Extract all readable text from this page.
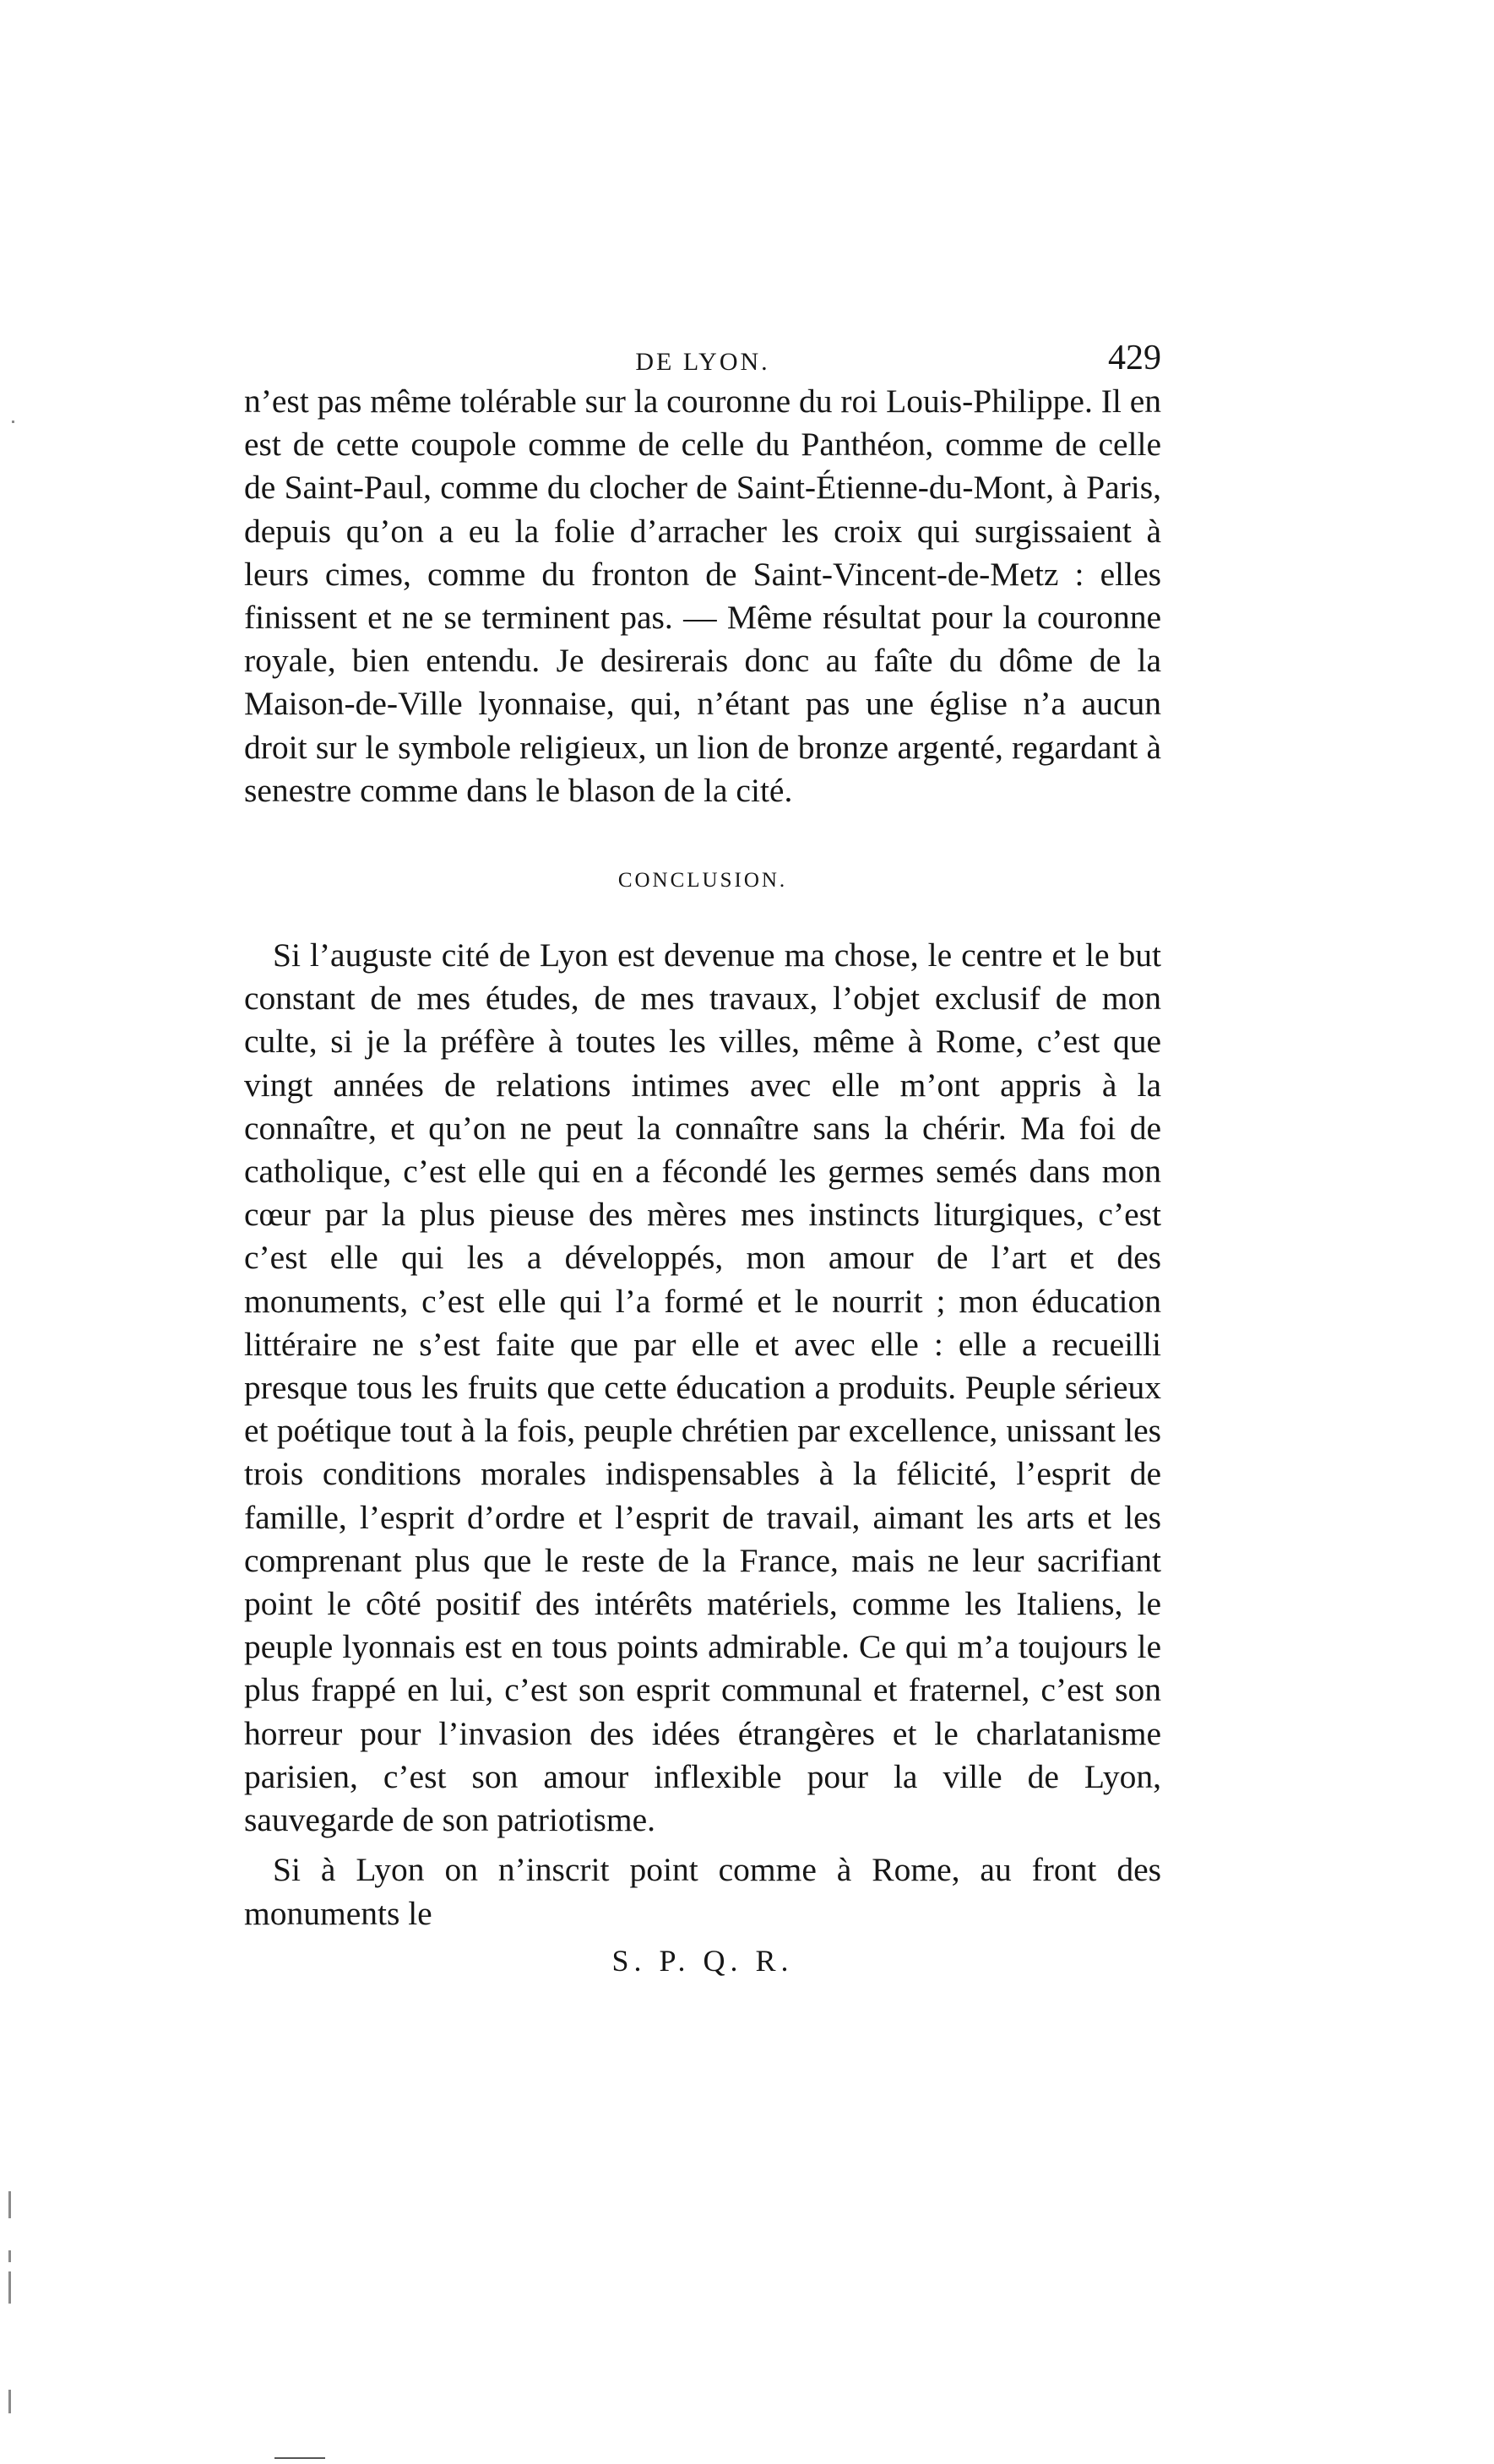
DE LYON.	429

n’est pas même tolérable sur la couronne du roi Louis-Philippe. Il en est de cette coupole comme de celle du Panthéon, comme de celle de Saint-Paul, comme du clocher de Saint-Étienne-du-Mont, à Paris, depuis qu’on a eu la folie d’arracher les croix qui surgissaient à leurs cimes, comme du fronton de Saint-Vincent-de-Metz : elles finissent et ne se terminent pas. — Même résultat pour la couronne royale, bien entendu. Je desirerais donc au faîte du dôme de la Maison-de-Ville lyonnaise, qui, n’étant pas une église n’a aucun droit sur le symbole religieux, un lion de bronze argenté, regardant à senestre comme dans le blason de la cité.

CONCLUSION.

Si l’auguste cité de Lyon est devenue ma chose, le centre et le but constant de mes études, de mes travaux, l’objet exclusif de mon culte, si je la préfère à toutes les villes, même à Rome, c’est que vingt années de relations intimes avec elle m’ont appris à la connaître, et qu’on ne peut la connaître sans la chérir. Ma foi de catholique, c’est elle qui en a fécondé les germes semés dans mon cœur par la plus pieuse des mères mes instincts liturgiques, c’est c’est elle qui les a développés, mon amour de l’art et des monuments, c’est elle qui l’a formé et le nourrit ; mon éducation littéraire ne s’est faite que par elle et avec elle : elle a recueilli presque tous les fruits que cette éducation a produits. Peuple sérieux et poétique tout à la fois, peuple chrétien par excellence, unissant les trois conditions morales indispensables à la félicité, l’esprit de famille, l’esprit d’ordre et l’esprit de travail, aimant les arts et les comprenant plus que le reste de la France, mais ne leur sacrifiant point le côté positif des intérêts matériels, comme les Italiens, le peuple lyonnais est en tous points admirable. Ce qui m’a toujours le plus frappé en lui, c’est son esprit communal et fraternel, c’est son horreur pour l’invasion des idées étrangères et le charlatanisme parisien, c’est son amour inflexible pour la ville de Lyon, sauvegarde de son patriotisme.

Si à Lyon on n’inscrit point comme à Rome, au front des monuments le

S. P. Q. R.
